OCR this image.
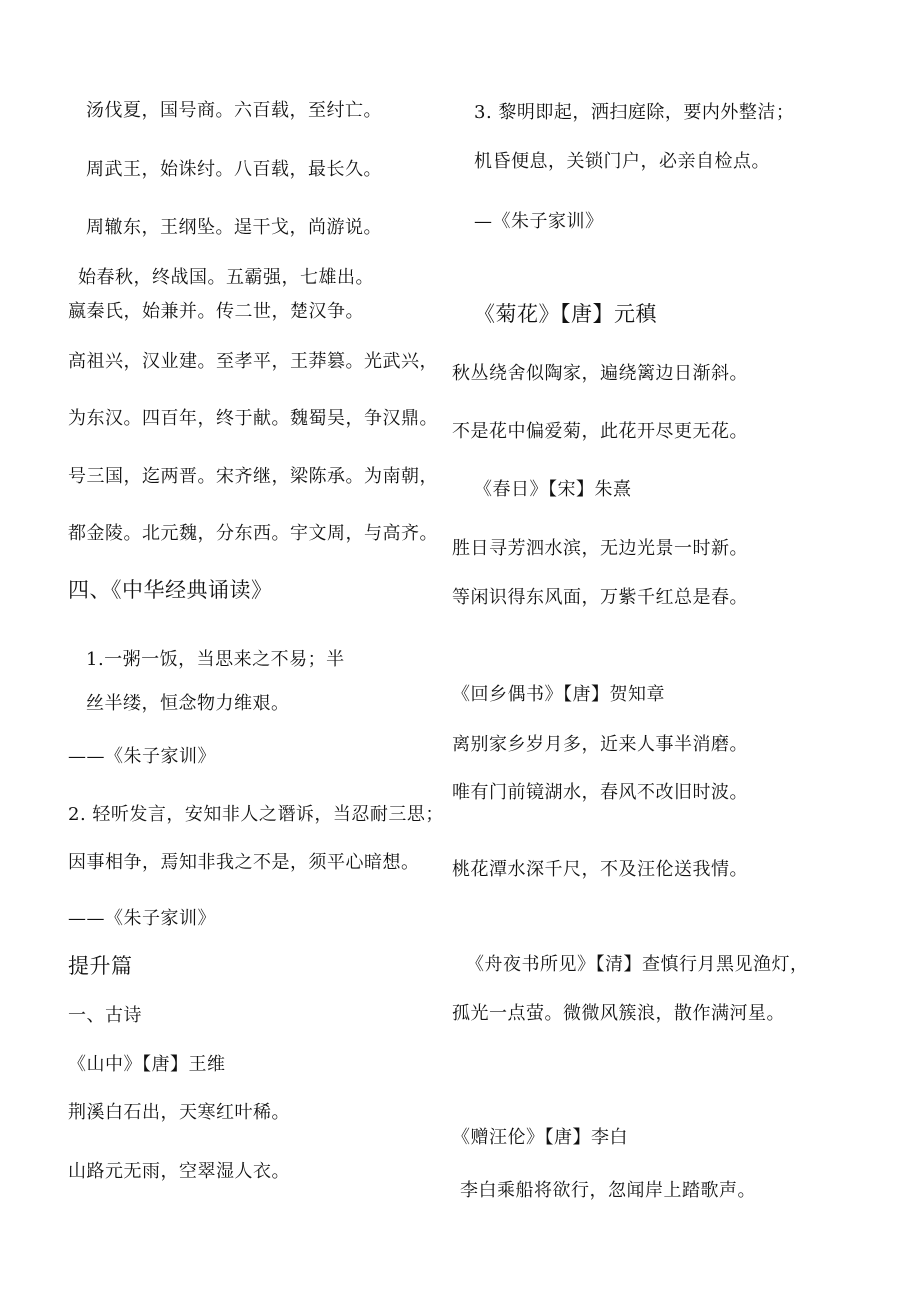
汤伐夏，国号商。六百载，至纣亡。
周武王，始诛纣。八百载，最长久。
周辙东，王纲坠。逞干戈，尚游说。
始春秋，终战国。五霸强，七雄出。
嬴秦氏，始兼并。传二世，楚汉争。
高祖兴，汉业建。至孝平，王莽篡。光武兴，
为东汉。四百年，终于献。魏蜀吴，争汉鼎。
号三国，迄两晋。宋齐继，梁陈承。为南朝，
都金陵。北元魏，分东西。宇文周，与高齐。
四、《中华经典诵读》
1.一粥一饭，当思来之不易；半
丝半缕，恒念物力维艰。
——《朱子家训》
2. 轻听发言，安知非人之谮诉，当忍耐三思；
因事相争，焉知非我之不是，须平心暗想。
——《朱子家训》
提升篇
一、古诗
《山中》【唐】王维
荆溪白石出，天寒红叶稀。
山路元无雨，空翠湿人衣。
3. 黎明即起，洒扫庭除，要内外整洁；
机昏便息，关锁门户，必亲自检点。
—《朱子家训》
《菊花》【唐】元稹
秋丛绕舍似陶家，遍绕篱边日渐斜。
不是花中偏爱菊，此花开尽更无花。
《春日》【宋】朱熹
胜日寻芳泗水滨，无边光景一时新。
等闲识得东风面，万紫千红总是春。
《回乡偶书》【唐】贺知章
离别家乡岁月多，近来人事半消磨。
唯有门前镜湖水，春风不改旧时波。
桃花潭水深千尺，不及汪伦送我情。
《舟夜书所见》【清】查慎行月黑见渔灯，
孤光一点萤。微微风簇浪，散作满河星。
《赠汪伦》【唐】李白
李白乘船将欲行，忽闻岸上踏歌声。
